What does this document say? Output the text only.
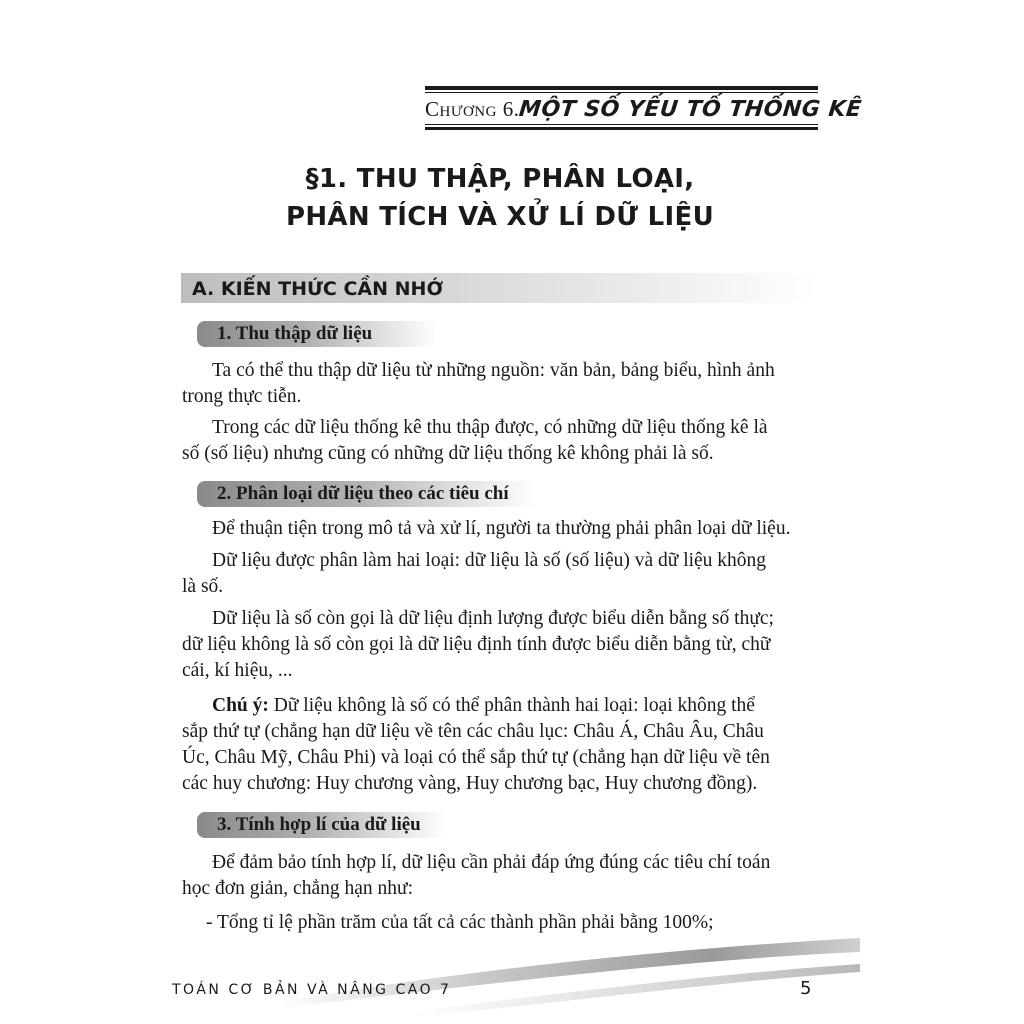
Chương 6.
MỘT SỐ YẾU TỐ THỐNG KÊ
§1. THU THẬP, PHÂN LOẠI,
PHÂN TÍCH VÀ XỬ LÍ DỮ LIỆU
A. KIẾN THỨC CẦN NHỚ
1. Thu thập dữ liệu
Ta có thể thu thập dữ liệu từ những nguồn: văn bản, bảng biểu, hình ảnh
trong thực tiễn.
Trong các dữ liệu thống kê thu thập được, có những dữ liệu thống kê là
số (số liệu) nhưng cũng có những dữ liệu thống kê không phải là số.
2. Phân loại dữ liệu theo các tiêu chí
Để thuận tiện trong mô tả và xử lí, người ta thường phải phân loại dữ liệu.
Dữ liệu được phân làm hai loại: dữ liệu là số (số liệu) và dữ liệu không
là số.
Dữ liệu là số còn gọi là dữ liệu định lượng được biểu diễn bằng số thực;
dữ liệu không là số còn gọi là dữ liệu định tính được biểu diễn bằng từ, chữ
cái, kí hiệu, ...
Chú ý: Dữ liệu không là số có thể phân thành hai loại: loại không thể
sắp thứ tự (chẳng hạn dữ liệu về tên các châu lục: Châu Á, Châu Âu, Châu
Úc, Châu Mỹ, Châu Phi) và loại có thể sắp thứ tự (chẳng hạn dữ liệu về tên
các huy chương: Huy chương vàng, Huy chương bạc, Huy chương đồng).
3. Tính hợp lí của dữ liệu
Để đảm bảo tính hợp lí, dữ liệu cần phải đáp ứng đúng các tiêu chí toán
học đơn giản, chẳng hạn như:
- Tổng tỉ lệ phần trăm của tất cả các thành phần phải bằng 100%;
TOÁN CƠ BẢN VÀ NÂNG CAO 7	5
